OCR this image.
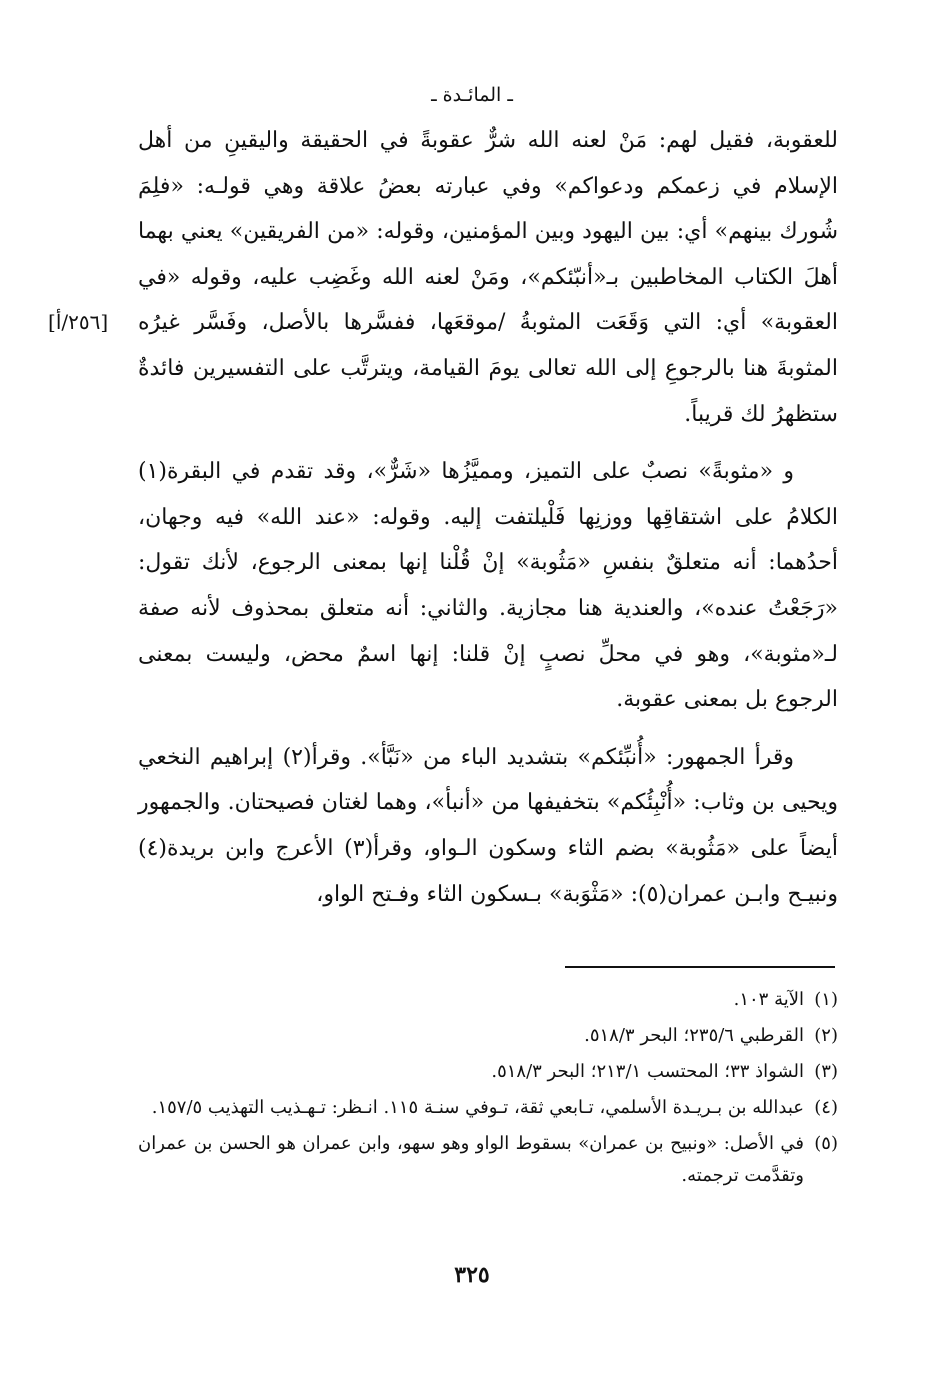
ـ المائـدة ـ

للعقوبة، فقيل لهم: مَنْ لعنه الله شرٌّ عقوبةً في الحقيقة واليقينِ من أهل الإسلام في زعمكم ودعواكم» وفي عبارته بعضُ علاقة وهي قولـه: «فلِمَ شُورك بينهم» أي: بين اليهود وبين المؤمنين، وقوله: «من الفريقين» يعني بهما أهلَ الكتاب المخاطبين بـ«أنبّئكم»، ومَنْ لعنه الله وغَضِب عليه، وقوله «في العقوبة» أي: التي وَقَعَت المثوبةُ /موقعَها، ففسَّرها بالأصل، وفَسَّر غيرُه المثوبةَ هنا بالرجوعِ إلى الله تعالى يومَ القيامة، ويترتَّب على التفسيرين فائدةٌ ستظهرُ لك قريباً.

و «مثوبةً» نصبٌ على التميز، ومميَّزُها «شَرٌّ»، وقد تقدم في البقرة(١) الكلامُ على اشتقاقِها ووزنِها فَلْيلتفت إليه. وقوله: «عند الله» فيه وجهان، أحدُهما: أنه متعلقٌ بنفسِ «مَثُوبة» إنْ قُلْنا إنها بمعنى الرجوع، لأنك تقول: «رَجَعْتُ عنده»، والعندية هنا مجازية. والثاني: أنه متعلق بمحذوف لأنه صفة لـ«مثوبة»، وهو في محلِّ نصبٍ إنْ قلنا: إنها اسمٌ محض، وليست بمعنى الرجوع بل بمعنى عقوبة.

وقرأ الجمهور: «أُنبِّئكم» بتشديد الباء من «نَبَّأ». وقرأ(٢) إبراهيم النخعي ويحيى بن وثاب: «أُنْبِئُكم» بتخفيفها من «أنبأ»، وهما لغتان فصيحتان. والجمهور أيضاً على «مَثُوبة» بضم الثاء وسكون الـواو، وقرأ(٣) الأعرج وابن بريدة(٤) ونبيـح وابـن عمران(٥): «مَثْوَبة» بـسكون الثاء وفـتح الواو،

[٢٥٦/أ]
(١)
الآية ١٠٣.
(٢)
القرطبي ٢٣٥/٦؛ البحر ٥١٨/٣.
(٣)
الشواذ ٣٣؛ المحتسب ٢١٣/١؛ البحر ٥١٨/٣.
(٤)
عبدالله بن بـريـدة الأسلمي، تـابعي ثقة، تـوفي سنـة ١١٥. انـظر: تـهـذيب التهذيب ١٥٧/٥.
(٥)
في الأصل: «ونبيح بن عمران» بسقوط الواو وهو سهو، وابن عمران هو الحسن بن عمران وتقدَّمت ترجمته.
٣٢٥
